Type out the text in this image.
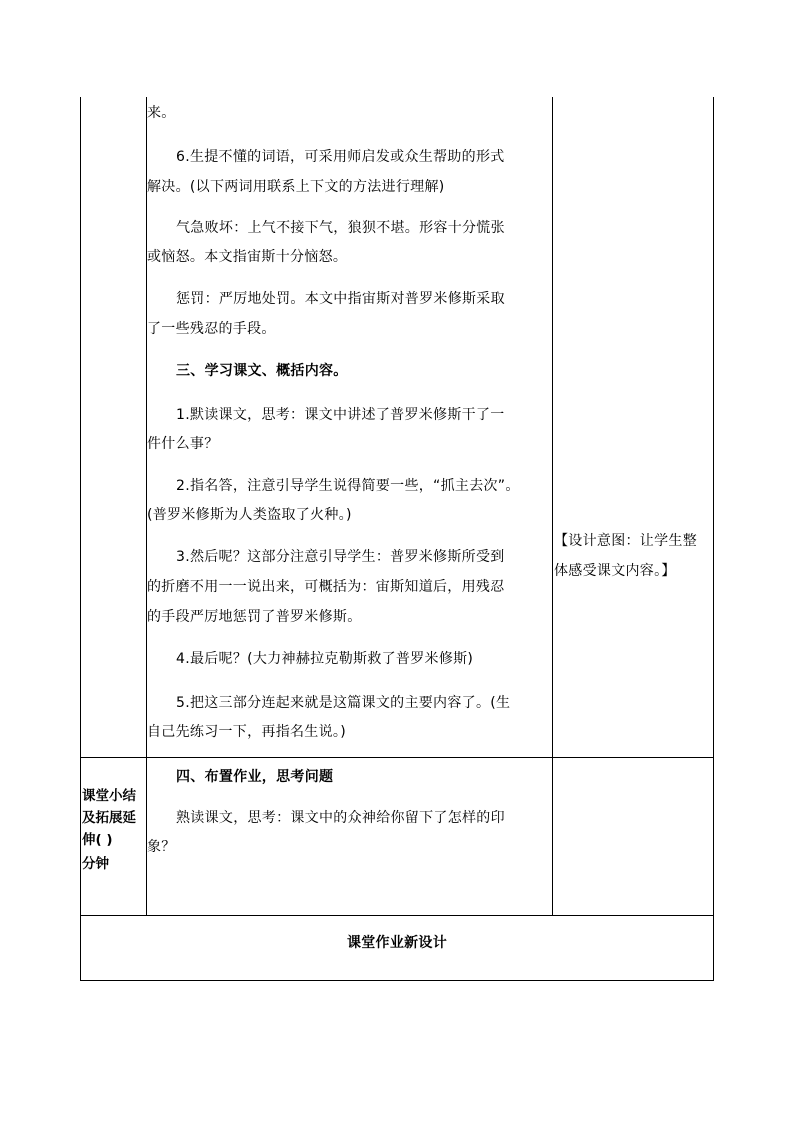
来。
6.生提不懂的词语，可采用师启发或众生帮助的形式
解决。(以下两词用联系上下文的方法进行理解)
气急败坏：上气不接下气，狼狈不堪。形容十分慌张
或恼怒。本文指宙斯十分恼怒。
惩罚：严厉地处罚。本文中指宙斯对普罗米修斯采取
了一些残忍的手段。
三、学习课文、概括内容。
1.默读课文，思考：课文中讲述了普罗米修斯干了一
件什么事？
2.指名答，注意引导学生说得简要一些，“抓主去次”。
(普罗米修斯为人类盗取了火种。)
3.然后呢？这部分注意引导学生：普罗米修斯所受到
的折磨不用一一说出来，可概括为：宙斯知道后，用残忍
的手段严厉地惩罚了普罗米修斯。
4.最后呢？(大力神赫拉克勒斯救了普罗米修斯)
5.把这三部分连起来就是这篇课文的主要内容了。(生
自己先练习一下，再指名生说。)
【设计意图：让学生整
体感受课文内容。】
课堂小结
及拓展延
伸( )
分钟
四、布置作业，思考问题
熟读课文，思考：课文中的众神给你留下了怎样的印
象？
课堂作业新设计
